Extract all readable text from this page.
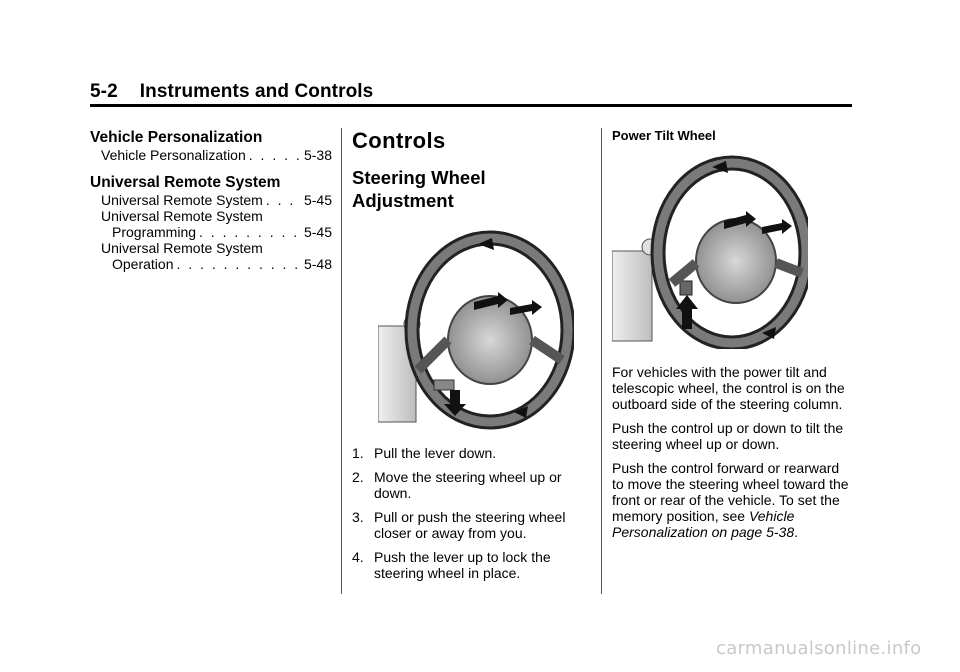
5-2 Instruments and Controls
Vehicle Personalization
Vehicle Personalization . . .	5-38
Universal Remote System
Universal Remote System . . .	5-45
Universal Remote System
Programming . . .	5-45
Universal Remote System
Operation . . .	5-48
Controls
Steering Wheel
Adjustment
1. Pull the lever down.
2. Move the steering wheel up or down.
3. Pull or push the steering wheel closer or away from you.
4. Push the lever up to lock the steering wheel in place.
Power Tilt Wheel

For vehicles with the power tilt and telescopic wheel, the control is on the outboard side of the steering column.

Push the control up or down to tilt the steering wheel up or down.

Push the control forward or rearward to move the steering wheel toward the front or rear of the vehicle. To set the memory position, see Vehicle Personalization on page 5-38.

carmanualsonline.info
